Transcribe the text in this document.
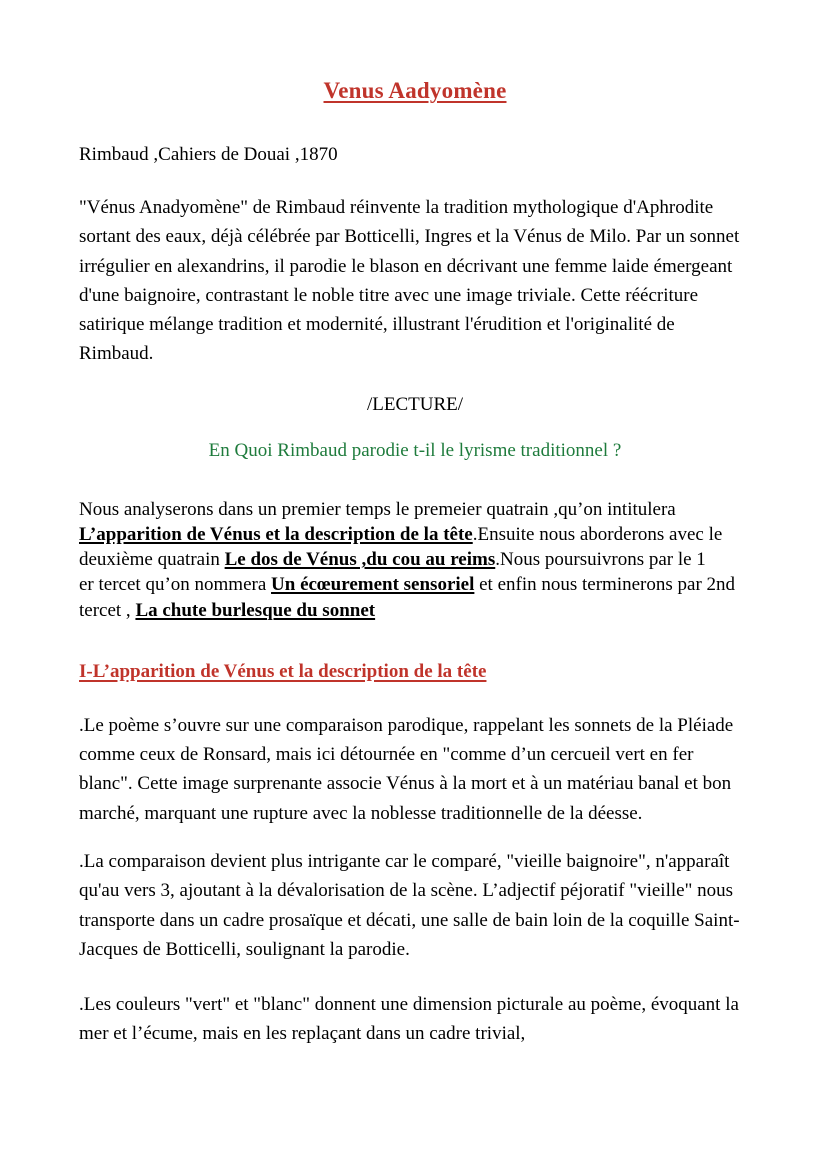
Venus Aadyomène

Rimbaud ,Cahiers de Douai ,1870

"Vénus Anadyomène" de Rimbaud réinvente la tradition mythologique d'Aphrodite sortant des eaux, déjà célébrée par Botticelli, Ingres et la Vénus de Milo. Par un sonnet irrégulier en alexandrins, il parodie le blason en décrivant une femme laide émergeant d'une baignoire, contrastant le noble titre avec une image triviale. Cette réécriture satirique mélange tradition et modernité, illustrant l'érudition et l'originalité de Rimbaud.

/LECTURE/

En Quoi Rimbaud parodie t-il le lyrisme traditionnel ?

Nous analyserons dans un premier temps le premeier quatrain ,qu’on intitulera L’apparition de Vénus et la description de la tête.Ensuite nous aborderons avec le deuxième quatrain Le dos de Vénus ,du cou au reims.Nous poursuivrons par le 1
er tercet qu’on nommera Un écœurement sensoriel et enfin nous terminerons par 2nd tercet , La chute burlesque du sonnet

I-L’apparition de Vénus et la description de la tête

.Le poème s’ouvre sur une comparaison parodique, rappelant les sonnets de la Pléiade comme ceux de Ronsard, mais ici détournée en "comme d’un cercueil vert en fer blanc". Cette image surprenante associe Vénus à la mort et à un matériau banal et bon marché, marquant une rupture avec la noblesse traditionnelle de la déesse.

.La comparaison devient plus intrigante car le comparé, "vieille baignoire", n'apparaît qu'au vers 3, ajoutant à la dévalorisation de la scène. L’adjectif péjoratif "vieille" nous transporte dans un cadre prosaïque et décati, une salle de bain loin de la coquille Saint-Jacques de Botticelli, soulignant la parodie.

.Les couleurs "vert" et "blanc" donnent une dimension picturale au poème, évoquant la mer et l’écume, mais en les replaçant dans un cadre trivial,
